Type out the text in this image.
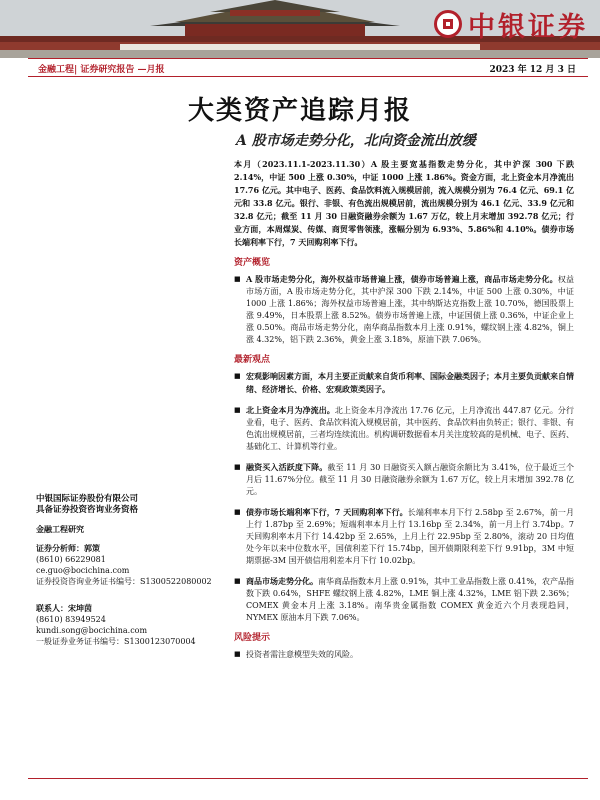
中银证券
金融工程| 证券研究报告 —月报	2023 年 12 月 3 日
大类资产追踪月报
A 股市场走势分化，北向资金流出放缓
中银国际证券股份有限公司
具备证券投资咨询业务资格
金融工程研究
证券分析师：郭策
(8610) 66229081
ce.guo@bocichina.com
证券投资咨询业务证书编号：S1300522080002
联系人：宋坤茵
(8610) 83949524
kundi.song@bocichina.com
一般证券业务证书编号：S1300123070004

本月（2023.11.1-2023.11.30）A 股主要宽基指数走势分化，其中沪深 300 下跌 2.14%，中证 500 上涨 0.30%，中证 1000 上涨 1.86%。资金方面，北上资金本月净流出 17.76 亿元。其中电子、医药、食品饮料流入规模居前，流入规模分别为 76.4 亿元、69.1 亿元和 33.8 亿元。银行、非银、有色流出规模居前，流出规模分别为 46.1 亿元、33.9 亿元和 32.8 亿元；截至 11 月 30 日融资融券余额为 1.67 万亿，较上月末增加 392.78 亿元；行业方面，本周煤炭、传媒、商贸零售领涨，涨幅分别为 6.93%、5.86%和 4.10%。债券市场长端利率下行，7 天回购利率下行。

资产概览
■ A 股市场走势分化，海外权益市场普遍上涨，债券市场普遍上涨，商品市场走势分化。权益市场方面，A 股市场走势分化，其中沪深 300 下跌 2.14%，中证 500 上涨 0.30%，中证 1000 上涨 1.86%；海外权益市场普遍上涨，其中纳斯达克指数上涨 10.70%，德国股票上涨 9.49%，日本股票上涨 8.52%。债券市场普遍上涨，中证国债上涨 0.36%，中证企业上涨 0.50%。商品市场走势分化，南华商品指数本月上涨 0.91%，螺纹钢上涨 4.82%，铜上涨 4.32%，铝下跌 2.36%，黄金上涨 3.18%，原油下跌 7.06%。
最新观点
■ 宏观影响因素方面，本月主要正贡献来自货币利率、国际金融类因子；本月主要负贡献来自情绪、经济增长、价格、宏观政策类因子。
■ 北上资金本月为净流出。北上资金本月净流出 17.76 亿元，上月净流出 447.87 亿元。分行业看，电子、医药、食品饮料流入规模居前，其中医药、食品饮料由负转正；银行、非银、有色流出规模居前，三者均连续流出。机构调研数据看本月关注度较高的是机械、电子、医药、基础化工、计算机等行业。
■ 融资买入活跃度下降。截至 11 月 30 日融资买入额占融资余额比为 3.41%，位于最近三个月后 11.67%分位。截至 11 月 30 日融资融券余额为 1.67 万亿，较上月末增加 392.78 亿元。
■ 债券市场长端利率下行，7 天回购利率下行。长端利率本月下行 2.58bp 至 2.67%，前一月上行 1.87bp 至 2.69%；短端利率本月上行 13.16bp 至 2.34%，前一月上行 3.74bp。7 天回购利率本月下行 14.42bp 至 2.65%，上月上行 22.95bp 至 2.80%，滚动 20 日均值处今年以来中位数水平，国债利差下行 15.74bp，国开债期限利差下行 9.91bp，3M 中短期票据-3M 国开债信用利差本月下行 10.02bp。
■ 商品市场走势分化。南华商品指数本月上涨 0.91%，其中工业品指数上涨 0.41%，农产品指数下跌 0.64%，SHFE 螺纹钢上涨 4.82%，LME 铜上涨 4.32%，LME 铝下跌 2.36%；COMEX 黄金本月上涨 3.18%。南华贵金属指数 COMEX 黄金近六个月表现趋同，NYMEX 原油本月下跌 7.06%。
风险提示
■ 投资者需注意模型失效的风险。
